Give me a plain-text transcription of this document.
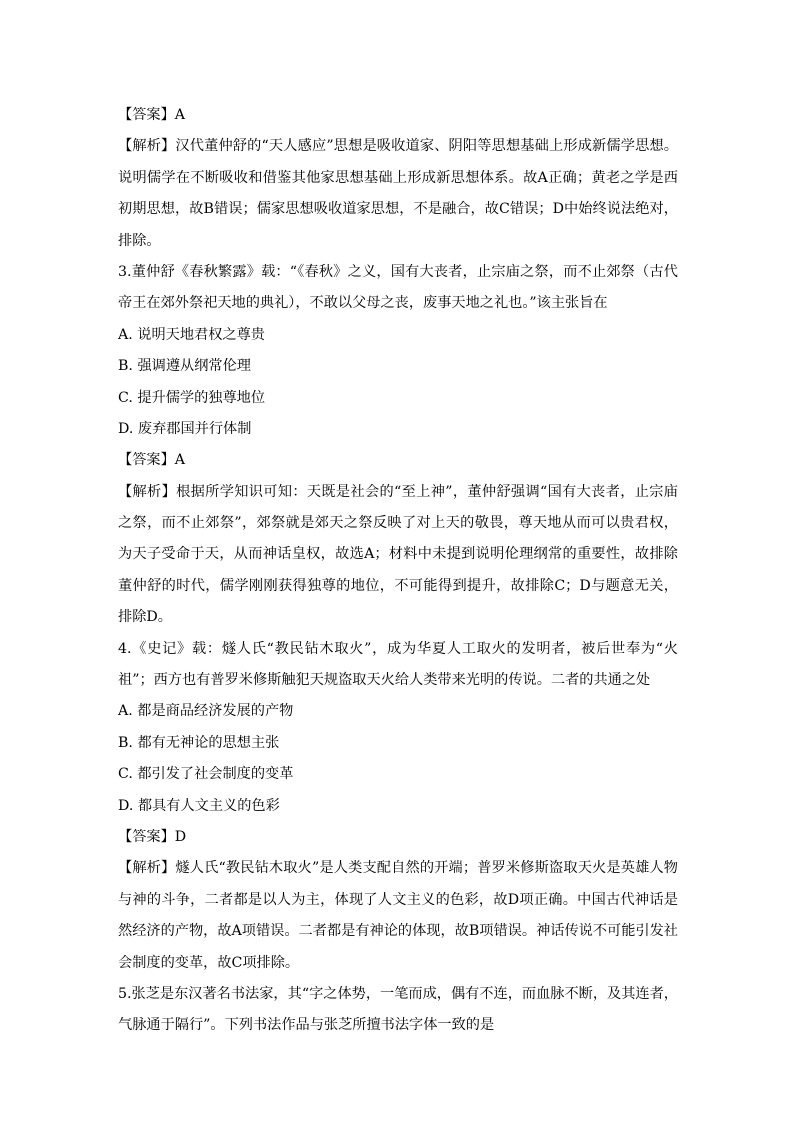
【答案】A
【解析】汉代董仲舒的“天人感应”思想是吸收道家、阴阳等思想基础上形成新儒学思想。
说明儒学在不断吸收和借鉴其他家思想基础上形成新思想体系。故A正确；黄老之学是西
初期思想，故B错误；儒家思想吸收道家思想，不是融合，故C错误；D中始终说法绝对，
排除。
3.董仲舒《春秋繁露》载：“《春秋》之义，国有大丧者，止宗庙之祭，而不止郊祭（古代
帝王在郊外祭祀天地的典礼），不敢以父母之丧，废事天地之礼也。”该主张旨在
A. 说明天地君权之尊贵
B. 强调遵从纲常伦理
C. 提升儒学的独尊地位
D. 废弃郡国并行体制
【答案】A
【解析】根据所学知识可知：天既是社会的“至上神”，董仲舒强调“国有大丧者，止宗庙
之祭，而不止郊祭”，郊祭就是郊天之祭反映了对上天的敬畏，尊天地从而可以贵君权，
为天子受命于天，从而神话皇权，故选A；材料中未提到说明伦理纲常的重要性，故排除
董仲舒的时代，儒学刚刚获得独尊的地位，不可能得到提升，故排除C；D与题意无关，
排除D。
4.《史记》载：燧人氏“教民钻木取火”，成为华夏人工取火的发明者，被后世奉为“火
祖”；西方也有普罗米修斯触犯天规盗取天火给人类带来光明的传说。二者的共通之处
A. 都是商品经济发展的产物
B. 都有无神论的思想主张
C. 都引发了社会制度的变革
D. 都具有人文主义的色彩
【答案】D
【解析】燧人氏“教民钻木取火”是人类支配自然的开端；普罗米修斯盗取天火是英雄人物
与神的斗争，二者都是以人为主，体现了人文主义的色彩，故D项正确。中国古代神话是
然经济的产物，故A项错误。二者都是有神论的体现，故B项错误。神话传说不可能引发社
会制度的变革，故C项排除。
5.张芝是东汉著名书法家，其“字之体势，一笔而成，偶有不连，而血脉不断，及其连者，
气脉通于隔行”。下列书法作品与张芝所擅书法字体一致的是
